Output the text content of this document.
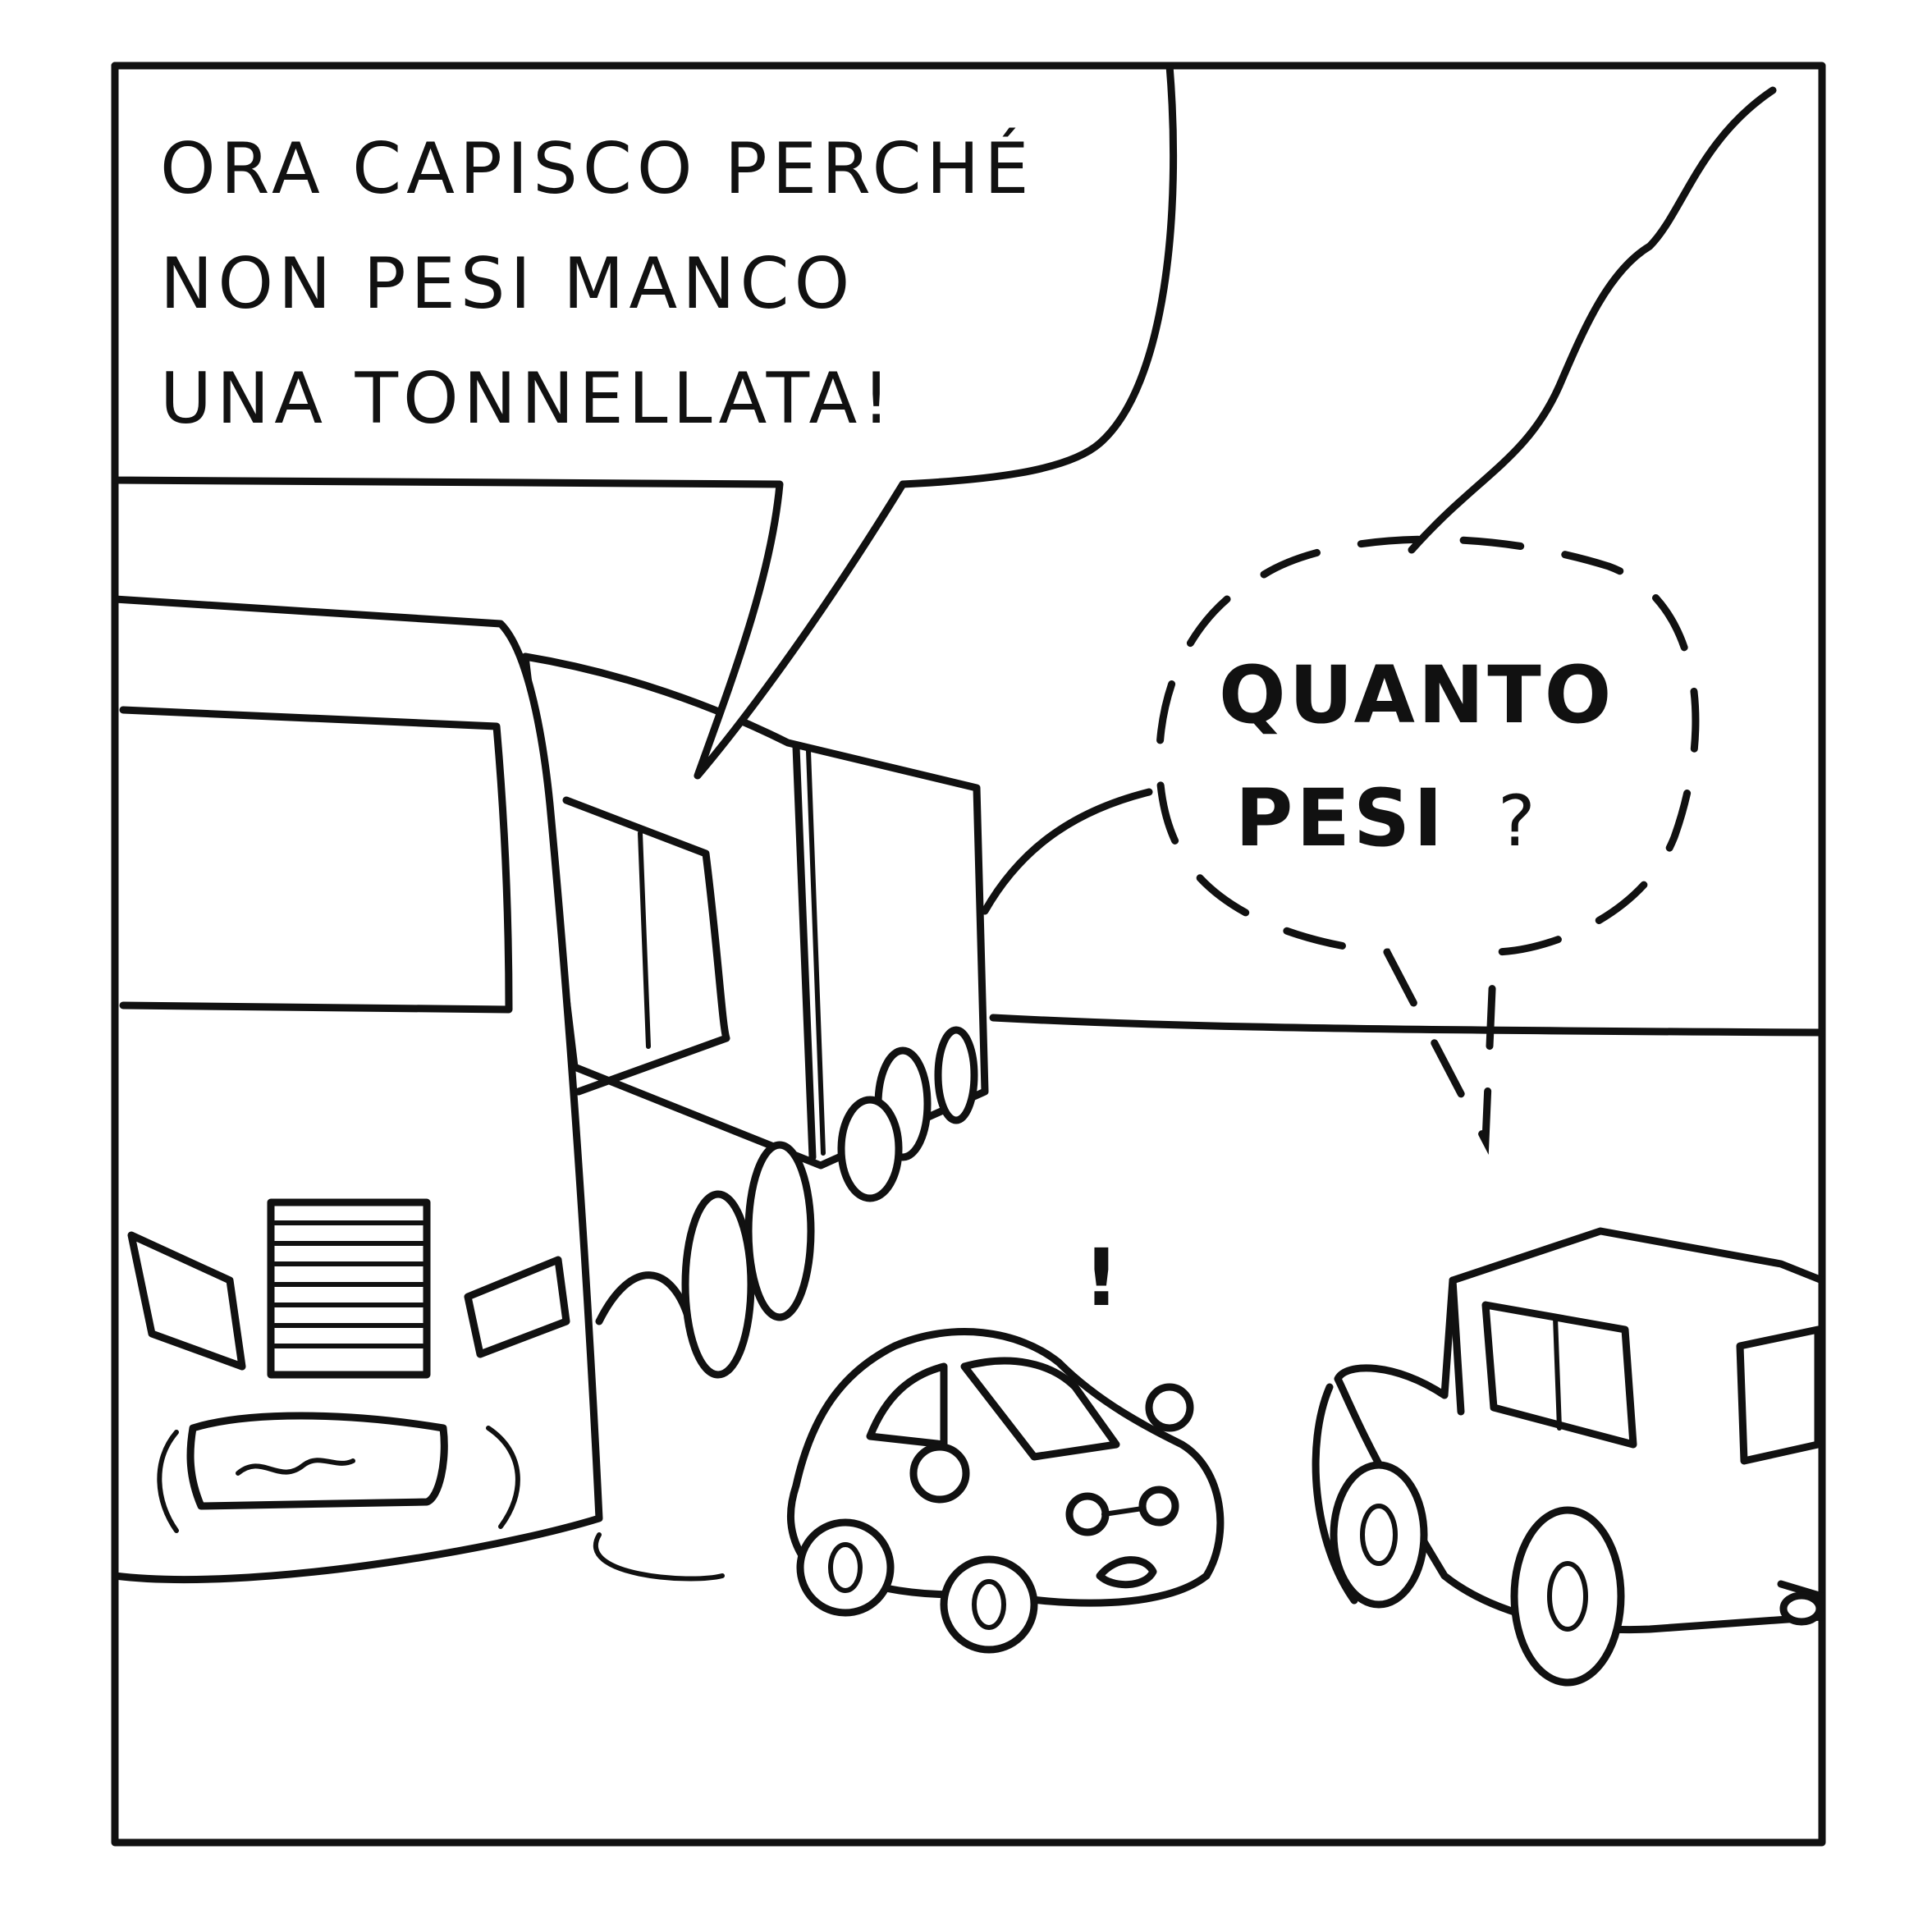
ORA CAPISCO PERCHÉ
NON PESI MANCO
UNA TONNELLATA!
QUANTO
PESI ?
!
